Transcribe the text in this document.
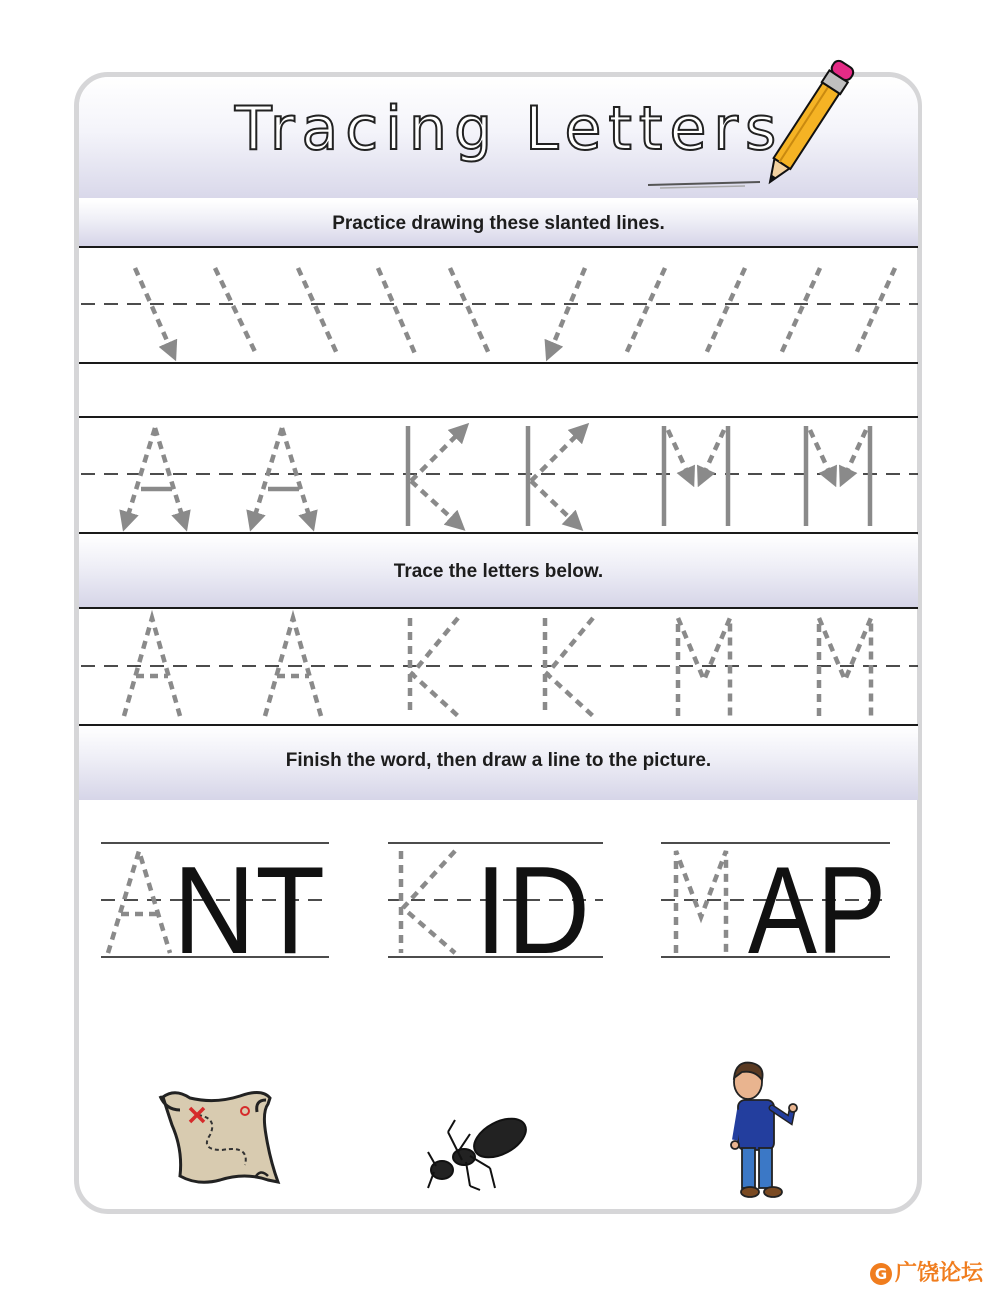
Tracing Letters
Practice drawing these slanted lines.
Trace the letters below.
Finish the word, then draw a line to the picture.
NT ID AP
G 广饶论坛
